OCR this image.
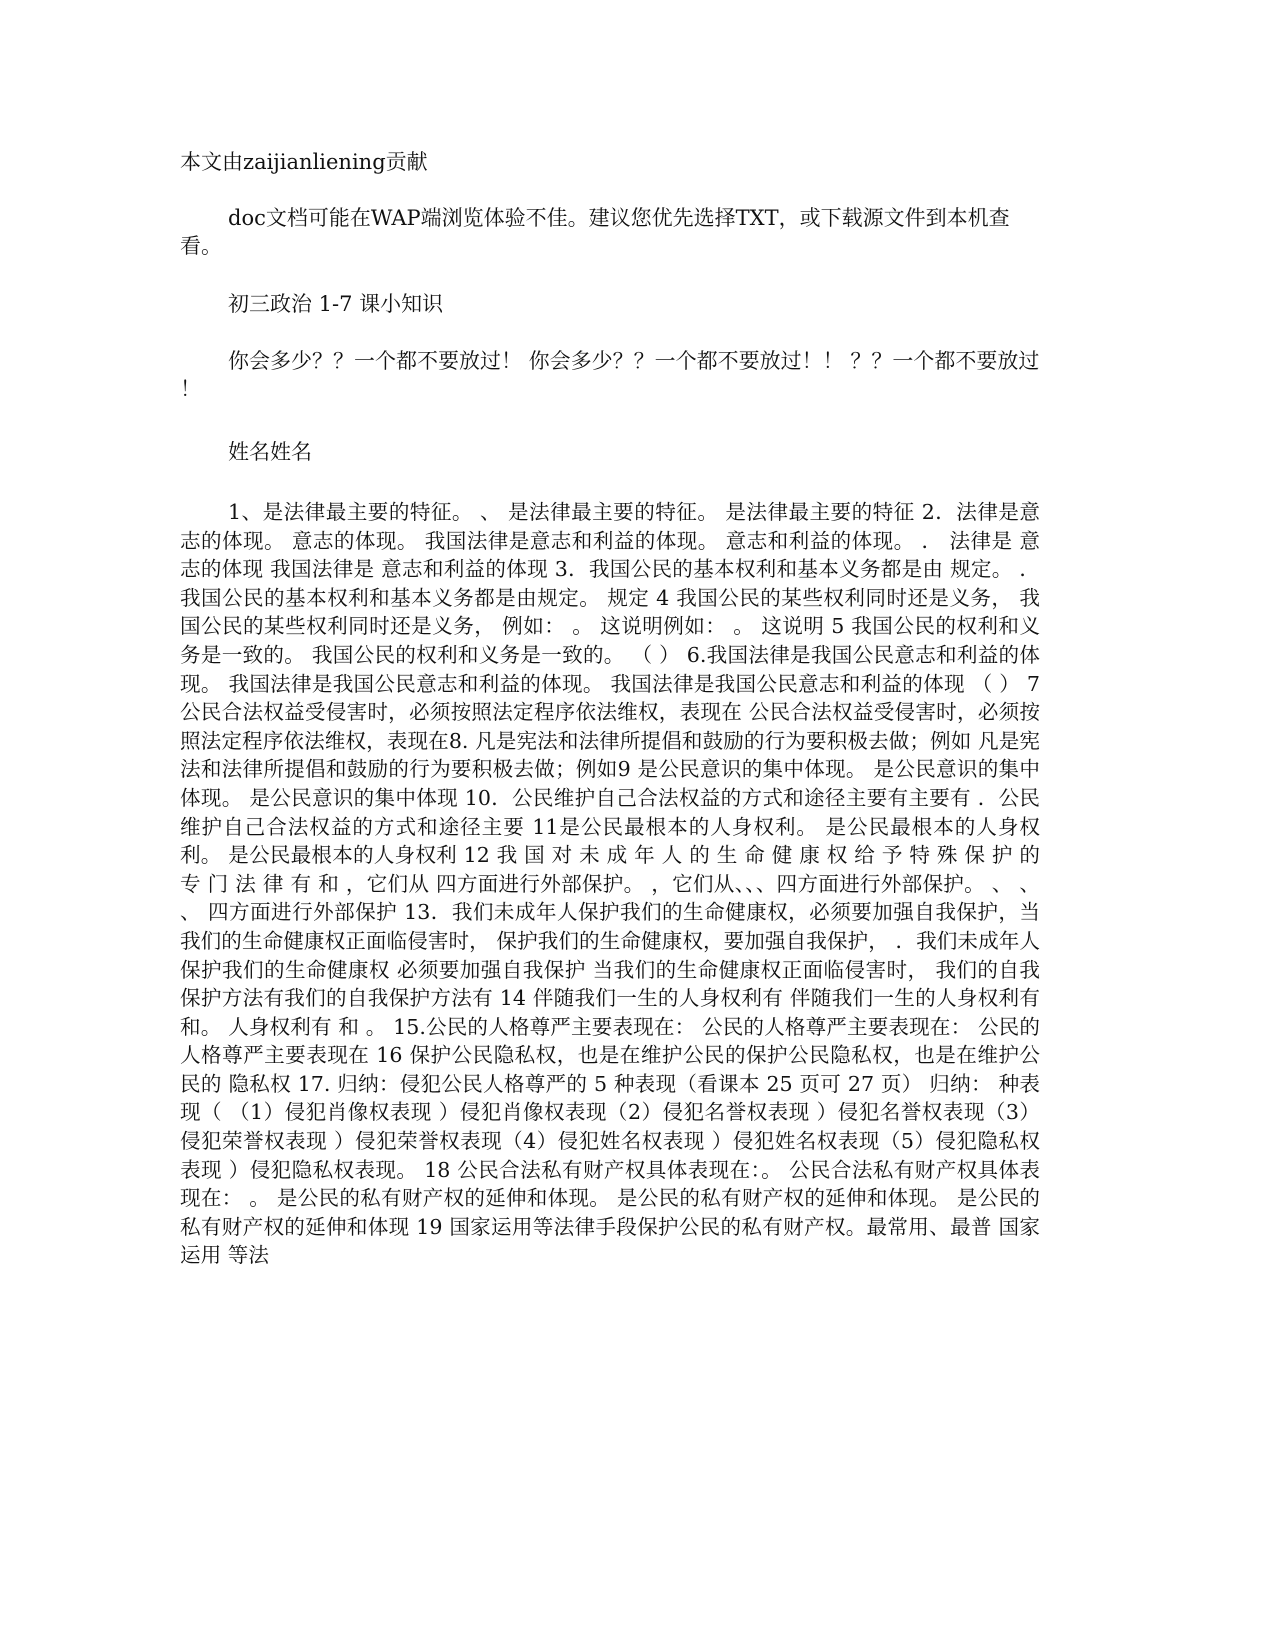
本文由zaijianliening贡献

doc文档可能在WAP端浏览体验不佳。建议您优先选择TXT，或下载源文件到本机查看。

初三政治 1-7 课小知识

你会多少？？一个都不要放过！ 你会多少？？一个都不要放过！！ ？？一个都不要放过 ！

姓名姓名

1、是法律最主要的特征。 、 是法律最主要的特征。 是法律最主要的特征 2．法律是意志的体现。 意志的体现。 我国法律是意志和利益的体现。 意志和利益的体现。 ． 法律是 意志的体现 我国法律是 意志和利益的体现 3．我国公民的基本权利和基本义务都是由 规定。 ．我国公民的基本权利和基本义务都是由规定。 规定 4 我国公民的某些权利同时还是义务， 我国公民的某些权利同时还是义务， 例如： 。 这说明例如： 。 这说明 5 我国公民的权利和义务是一致的。 我国公民的权利和义务是一致的。 （ ） 6.我国法律是我国公民意志和利益的体现。 我国法律是我国公民意志和利益的体现。 我国法律是我国公民意志和利益的体现 （ ） 7 公民合法权益受侵害时，必须按照法定程序依法维权，表现在 公民合法权益受侵害时，必须按照法定程序依法维权，表现在8. 凡是宪法和法律所提倡和鼓励的行为要积极去做；例如 凡是宪法和法律所提倡和鼓励的行为要积极去做；例如9 是公民意识的集中体现。 是公民意识的集中体现。 是公民意识的集中体现 10．公民维护自己合法权益的方式和途径主要有主要有 ．公民维护自己合法权益的方式和途径主要 11是公民最根本的人身权利。 是公民最根本的人身权利。 是公民最根本的人身权利 12 我 国 对 未 成 年 人 的 生 命 健 康 权 给 予 特 殊 保 护 的 专 门 法 律 有 和 ，它们从 四方面进行外部保护。 ，它们从、、、四方面进行外部保护。 、 、 、 四方面进行外部保护 13．我们未成年人保护我们的生命健康权，必须要加强自我保护，当我们的生命健康权正面临侵害时， 保护我们的生命健康权，要加强自我保护， ．我们未成年人保护我们的生命健康权 必须要加强自我保护 当我们的生命健康权正面临侵害时， 我们的自我保护方法有我们的自我保护方法有 14 伴随我们一生的人身权利有 伴随我们一生的人身权利有和。 人身权利有 和 。 15.公民的人格尊严主要表现在： 公民的人格尊严主要表现在： 公民的人格尊严主要表现在 16 保护公民隐私权，也是在维护公民的保护公民隐私权，也是在维护公民的 隐私权 17. 归纳：侵犯公民人格尊严的 5 种表现（看课本 25 页可 27 页） 归纳： 种表现（ （1）侵犯肖像权表现 ）侵犯肖像权表现（2）侵犯名誉权表现 ）侵犯名誉权表现（3）侵犯荣誉权表现 ）侵犯荣誉权表现（4）侵犯姓名权表现 ）侵犯姓名权表现（5）侵犯隐私权表现 ）侵犯隐私权表现。 18 公民合法私有财产权具体表现在：。 公民合法私有财产权具体表现在： 。 是公民的私有财产权的延伸和体现。 是公民的私有财产权的延伸和体现。 是公民的私有财产权的延伸和体现 19 国家运用等法律手段保护公民的私有财产权。最常用、最普 国家运用 等法
